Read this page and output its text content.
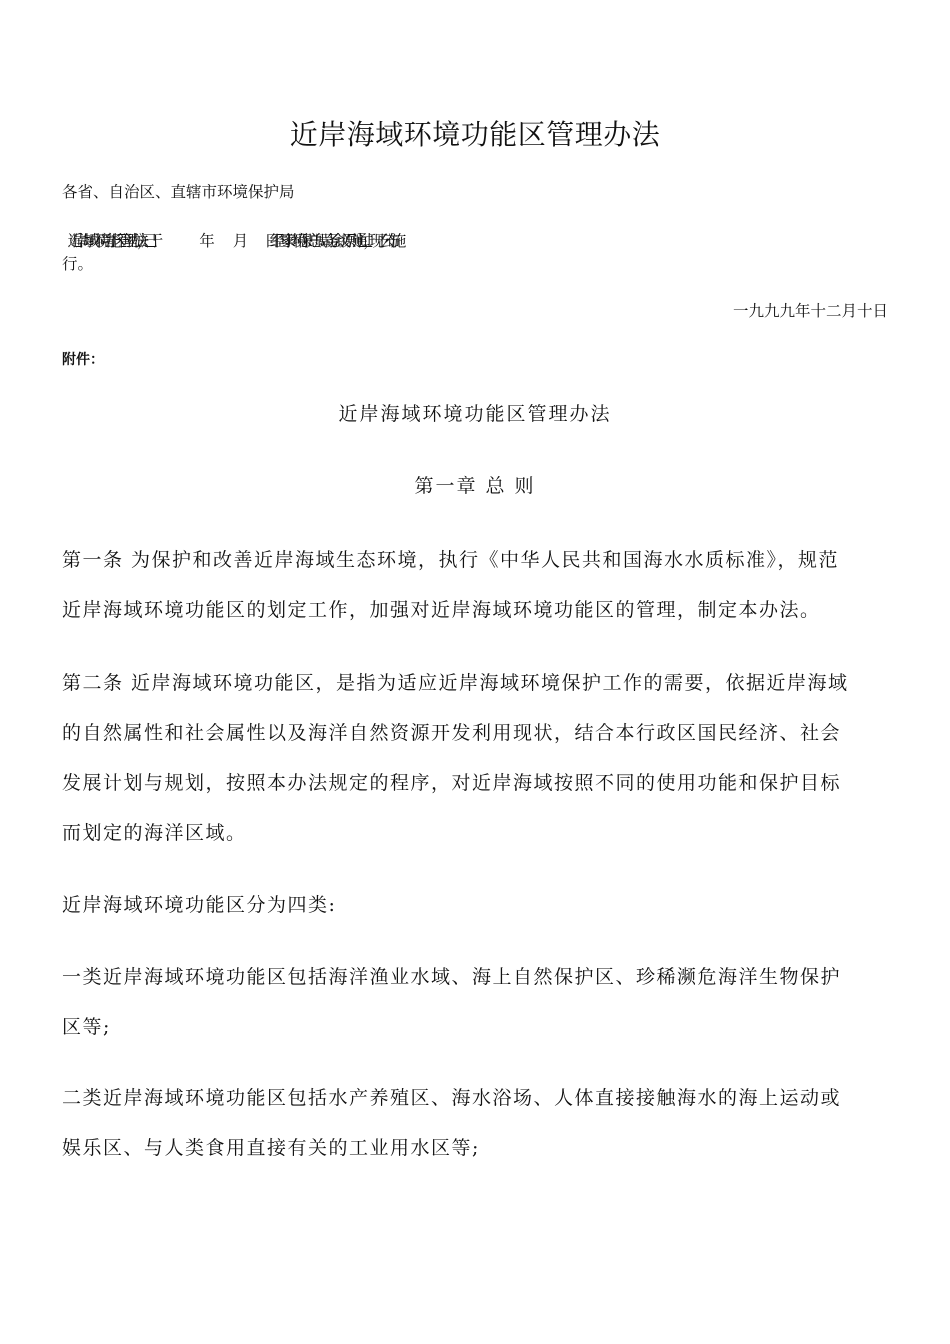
近岸海域环境功能区管理办法

各省、自治区、直辖市环境保护局

《近岸海域环境功能区管理办法》，已于	年 月 日经国家环境保护总局局务会议原则通过，现予公布施

行。

一九九九年十二月十日

附件：

近岸海域环境功能区管理办法
第一章 总 则

第一条 为保护和改善近岸海域生态环境，执行《中华人民共和国海水水质标准》，规范

近岸海域环境功能区的划定工作，加强对近岸海域环境功能区的管理，制定本办法。

第二条 近岸海域环境功能区，是指为适应近岸海域环境保护工作的需要，依据近岸海域

的自然属性和社会属性以及海洋自然资源开发利用现状，结合本行政区国民经济、社会

发展计划与规划，按照本办法规定的程序，对近岸海域按照不同的使用功能和保护目标

而划定的海洋区域。

近岸海域环境功能区分为四类:

一类近岸海域环境功能区包括海洋渔业水域、海上自然保护区、珍稀濒危海洋生物保护

区等;

二类近岸海域环境功能区包括水产养殖区、海水浴场、人体直接接触海水的海上运动或

娱乐区、与人类食用直接有关的工业用水区等;
